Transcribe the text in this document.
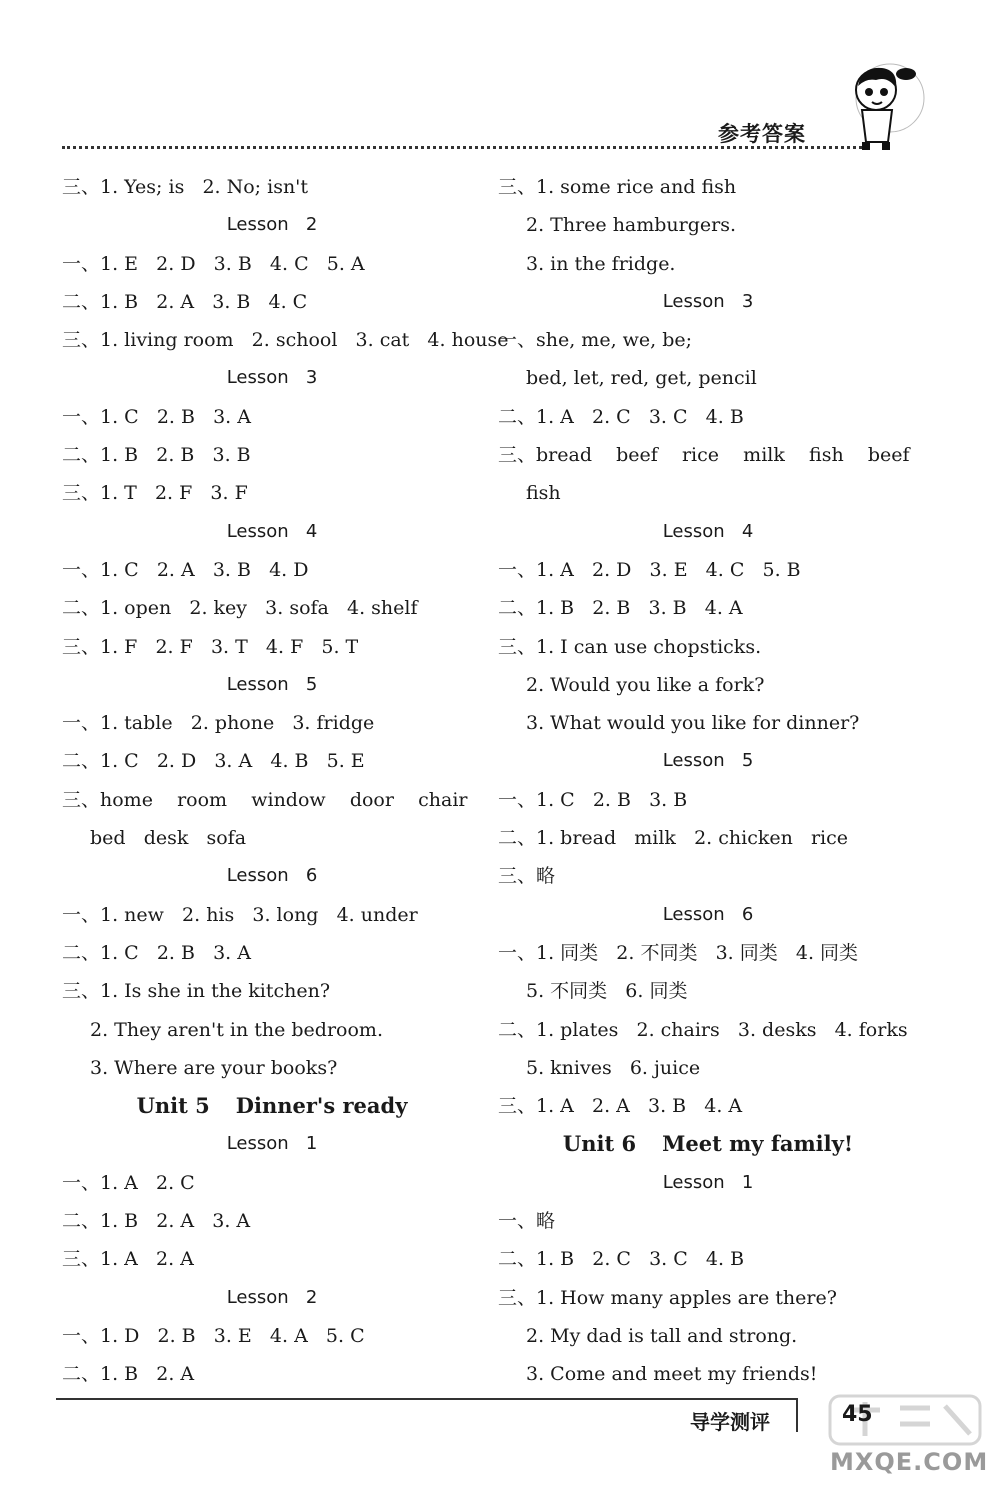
参考答案
三、1. Yes; is   2. No; isn't
Lesson   2
一、1. E   2. D   3. B   4. C   5. A
二、1. B   2. A   3. B   4. C
三、1. living room   2. school   3. cat   4. house
Lesson   3
一、1. C   2. B   3. A
二、1. B   2. B   3. B
三、1. T   2. F   3. F
Lesson   4
一、1. C   2. A   3. B   4. D
二、1. open   2. key   3. sofa   4. shelf
三、1. F   2. F   3. T   4. F   5. T
Lesson   5
一、1. table   2. phone   3. fridge
二、1. C   2. D   3. A   4. B   5. E
三、home    room    window    door    chair
bed   desk   sofa
Lesson   6
一、1. new   2. his   3. long   4. under
二、1. C   2. B   3. A
三、1. Is she in the kitchen?
2. They aren't in the bedroom.
3. Where are your books?
Unit 5 Dinner's ready
Lesson   1
一、1. A   2. C
二、1. B   2. A   3. A
三、1. A   2. A
Lesson   2
一、1. D   2. B   3. E   4. A   5. C
二、1. B   2. A
三、1. some rice and fish
2. Three hamburgers.
3. in the fridge.
Lesson   3
一、she, me, we, be;
bed, let, red, get, pencil
二、1. A   2. C   3. C   4. B
三、bread    beef    rice    milk    fish    beef
fish
Lesson   4
一、1. A   2. D   3. E   4. C   5. B
二、1. B   2. B   3. B   4. A
三、1. I can use chopsticks.
2. Would you like a fork?
3. What would you like for dinner?
Lesson   5
一、1. C   2. B   3. B
二、1. bread   milk   2. chicken   rice
三、略
Lesson   6
一、1. 同类   2. 不同类   3. 同类   4. 同类
5. 不同类   6. 同类
二、1. plates   2. chairs   3. desks   4. forks
5. knives   6. juice
三、1. A   2. A   3. B   4. A
Unit 6 Meet my family!
Lesson   1
一、略
二、1. B   2. C   3. C   4. B
三、1. How many apples are there?
2. My dad is tall and strong.
3. Come and meet my friends!
导学测评	45
MXQE.COM
